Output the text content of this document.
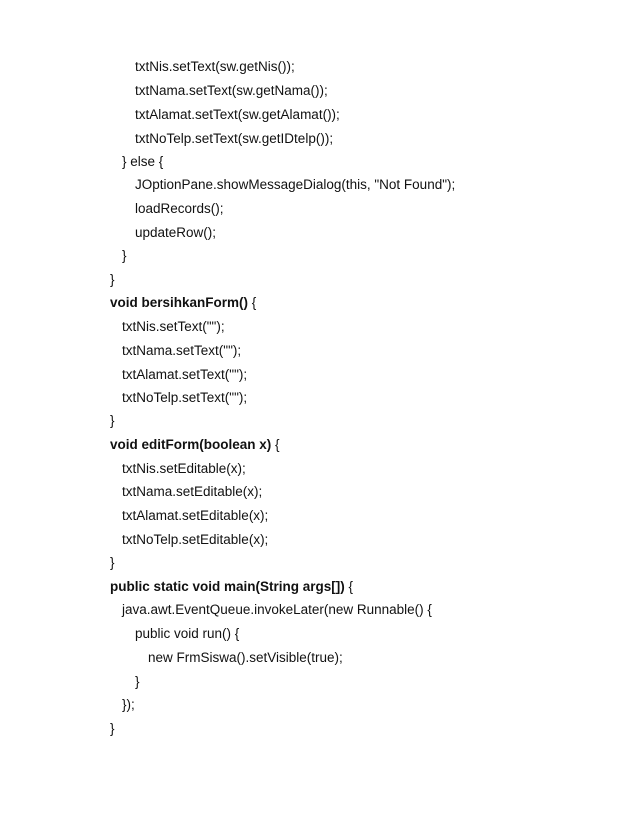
txtNis.setText(sw.getNis());
txtNama.setText(sw.getNama());
txtAlamat.setText(sw.getAlamat());
txtNoTelp.setText(sw.getIDtelp());
} else {
JOptionPane.showMessageDialog(this, "Not Found");
loadRecords();
updateRow();
}
}
void bersihkanForm() {
txtNis.setText("");
txtNama.setText("");
txtAlamat.setText("");
txtNoTelp.setText("");
}
void editForm(boolean x) {
txtNis.setEditable(x);
txtNama.setEditable(x);
txtAlamat.setEditable(x);
txtNoTelp.setEditable(x);
}
public static void main(String args[]) {
java.awt.EventQueue.invokeLater(new Runnable() {
public void run() {
new FrmSiswa().setVisible(true);
}
});
}
